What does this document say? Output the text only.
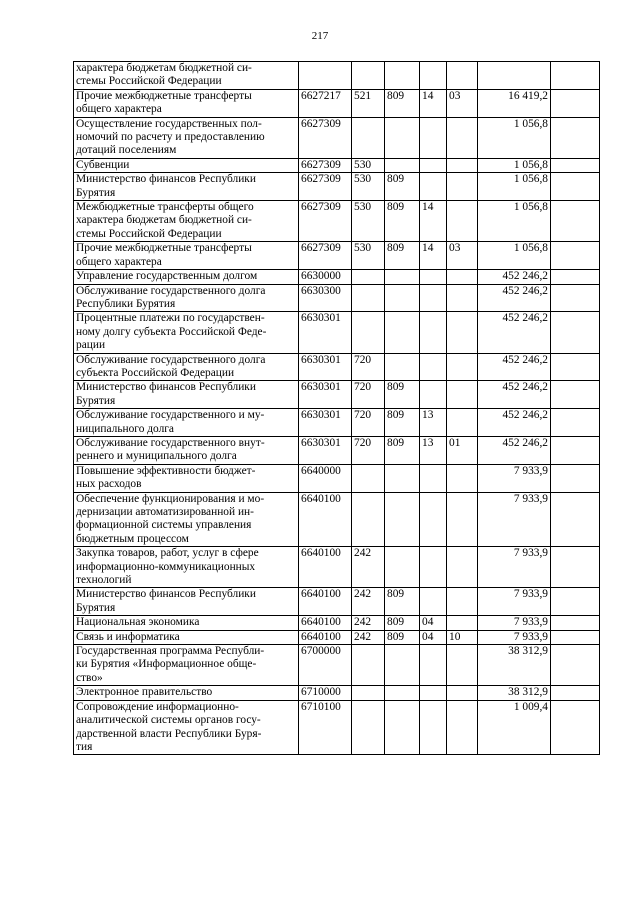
217
характера бюджетам бюджетной си-
стемы Российской Федерации							
Прочие межбюджетные трансферты
общего характера	6627217	521	809	14	03	16 419,2	
Осуществление государственных пол-
номочий по расчету и предоставлению
дотаций поселениям	6627309					1 056,8	
Субвенции	6627309	530				1 056,8	
Министерство финансов Республики
Бурятия	6627309	530	809			1 056,8	
Межбюджетные трансферты общего
характера бюджетам бюджетной си-
стемы Российской Федерации	6627309	530	809	14		1 056,8	
Прочие межбюджетные трансферты
общего характера	6627309	530	809	14	03	1 056,8	
Управление государственным долгом	6630000					452 246,2	
Обслуживание государственного долга
Республики Бурятия	6630300					452 246,2	
Процентные платежи по государствен-
ному долгу субъекта Российской Феде-
рации	6630301					452 246,2	
Обслуживание государственного долга
субъекта Российской Федерации	6630301	720				452 246,2	
Министерство финансов Республики
Бурятия	6630301	720	809			452 246,2	
Обслуживание государственного и му-
ниципального долга	6630301	720	809	13		452 246,2	
Обслуживание государственного внут-
реннего и муниципального долга	6630301	720	809	13	01	452 246,2	
Повышение эффективности бюджет-
ных расходов	6640000					7 933,9	
Обеспечение функционирования и мо-
дернизации автоматизированной ин-
формационной системы управления
бюджетным процессом	6640100					7 933,9	
Закупка товаров, работ, услуг в сфере
информационно-коммуникационных
технологий	6640100	242				7 933,9	
Министерство финансов Республики
Бурятия	6640100	242	809			7 933,9	
Национальная экономика	6640100	242	809	04		7 933,9	
Связь и информатика	6640100	242	809	04	10	7 933,9	
Государственная программа Республи-
ки Бурятия «Информационное обще-
ство»	6700000					38 312,9	
Электронное правительство	6710000					38 312,9	
Сопровождение информационно-
аналитической системы органов госу-
дарственной власти Республики Буря-
тия	6710100					1 009,4	
